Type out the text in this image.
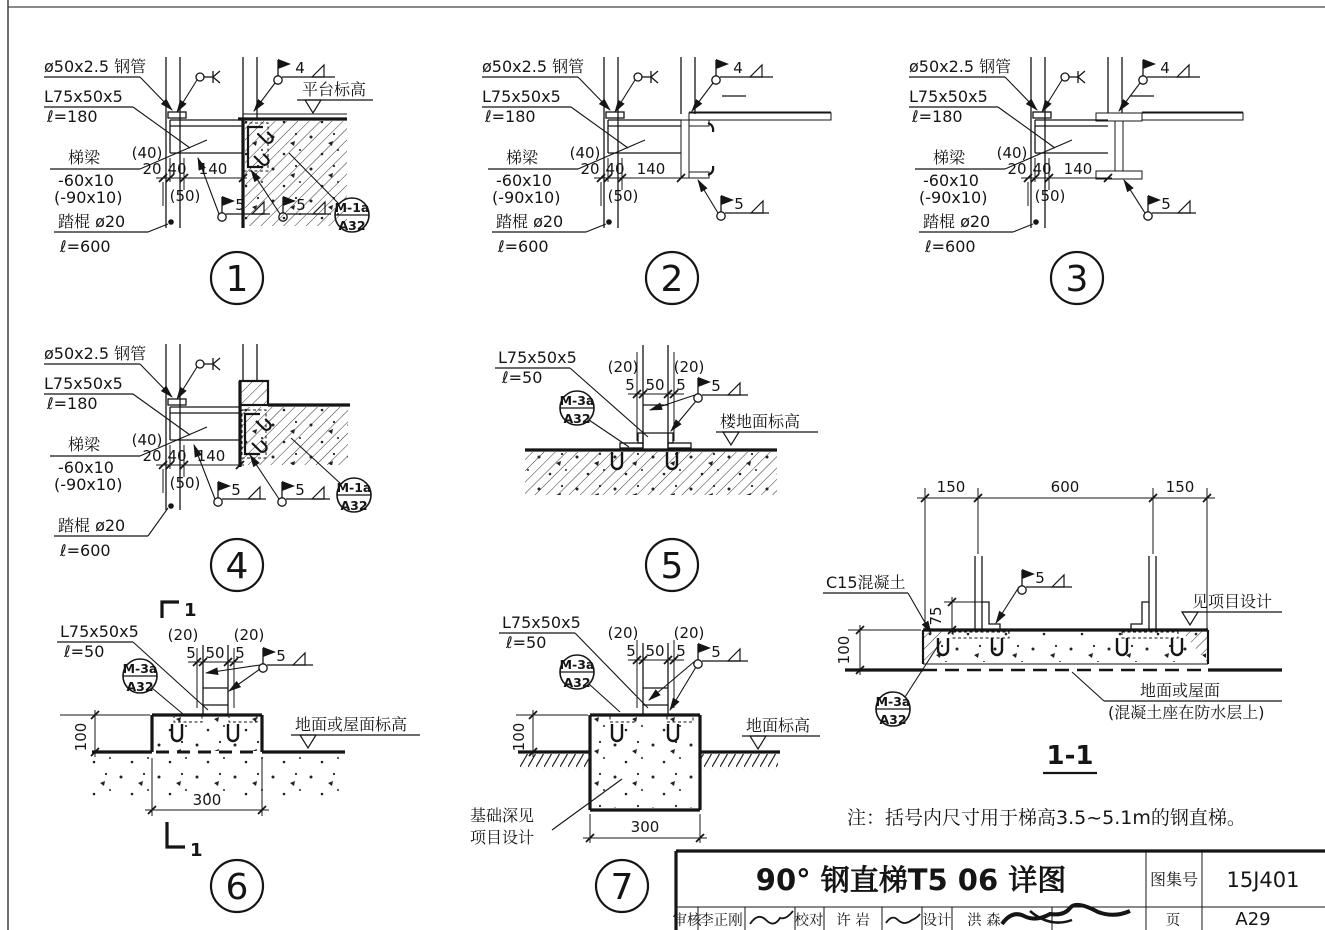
4
平台标高
ø50x2.5 钢管
L75x50x5
ℓ=180
梯梁
-60x10
(-90x10)
踏棍 ø20
ℓ=600
(40)
20 40 140
(50) 5	5 M-1a
A32
1
4
ø50x2.5 钢管
L75x50x5
ℓ=180
梯梁
-60x10
(-90x10)
踏棍 ø20
ℓ=600
(40)
20 40 140
(50)	5
2
4
ø50x2.5 钢管
L75x50x5
ℓ=180
梯梁
-60x10
(-90x10)
踏棍 ø20
ℓ=600
(40)
20 40 140
(50)	5
3
ø50x2.5 钢管
L75x50x5
ℓ=180
梯梁
-60x10
(-90x10)
踏棍 ø20
ℓ=600
(40)
20 40 140
(50) 5	5	M-1a
A32
4
(20) (20)
5 50 5 5
M-3a
A32
L75x50x5
ℓ=50
楼地面标高
5
1
1
L75x50x5
ℓ=50
(20) (20)
5 50 5 5
M-3a
A32
100
300
地面或屋面标高
6
L75x50x5
ℓ=50	(20) (20)
5 50 5 5
M-3a
A32
100	地面标高
基础深见
项目设计
300
7
150	600	150
75
100
C15混凝土	5
见项目设计
地面或屋面
(混凝土座在防水层上)
M-3a
A32
1-1
注：括号内尺寸用于梯高3.5~5.1m的钢直梯。
90° 钢直梯T5 06 详图	图集号 15J401
审核
李正刚	校对 许 岩	设计 洪 森	页	A29
